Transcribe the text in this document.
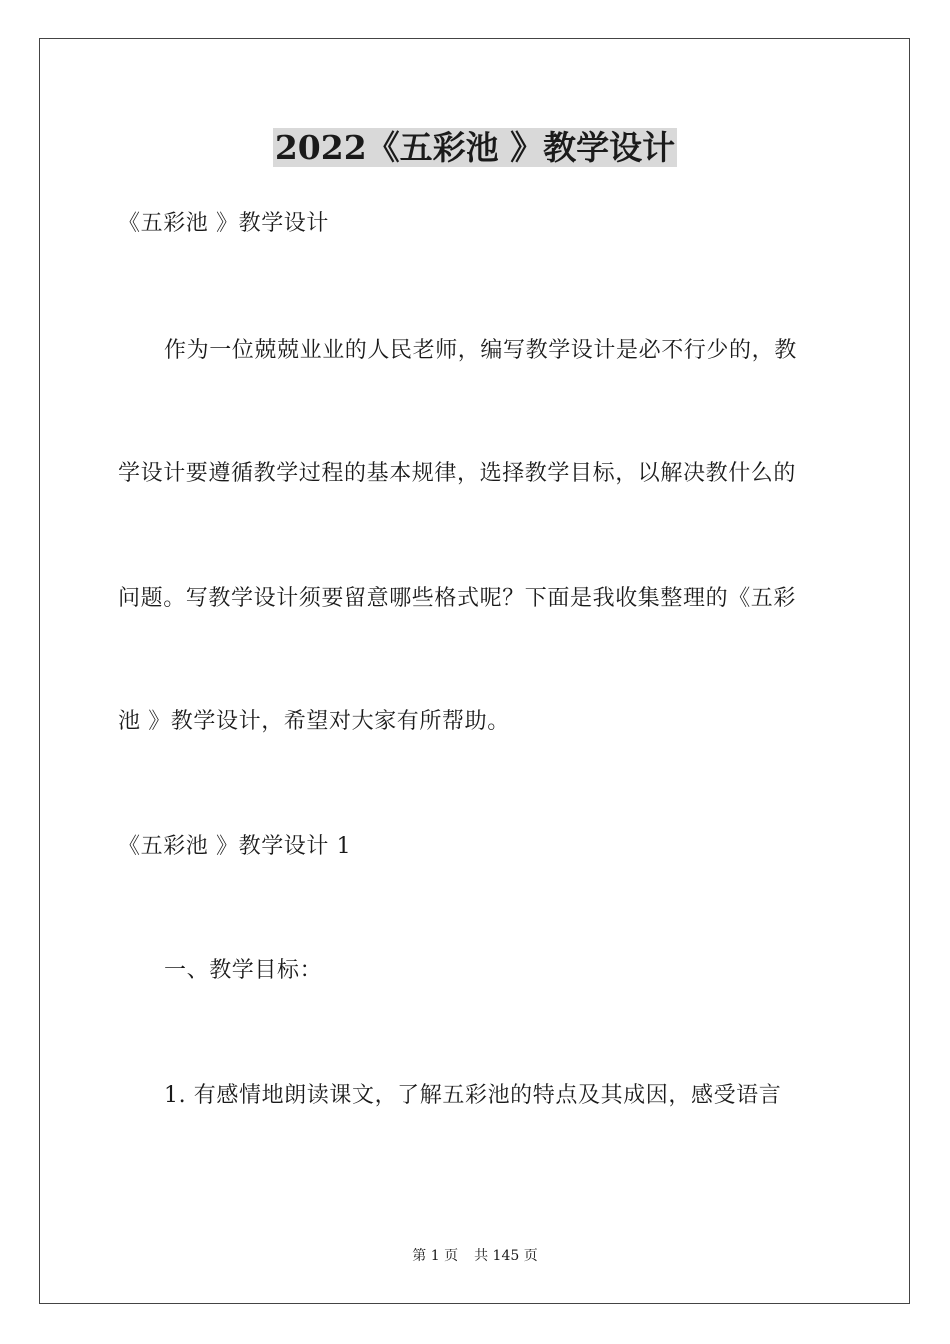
2022《五彩池 》教学设计
《五彩池 》教学设计
作为一位兢兢业业的人民老师，编写教学设计是必不行少的，教
学设计要遵循教学过程的基本规律，选择教学目标，以解决教什么的
问题。写教学设计须要留意哪些格式呢？下面是我收集整理的《五彩
池 》教学设计，希望对大家有所帮助。
《五彩池 》教学设计 1
一、教学目标：
1. 有感情地朗读课文，了解五彩池的特点及其成因，感受语言
第 1 页 共 145 页
